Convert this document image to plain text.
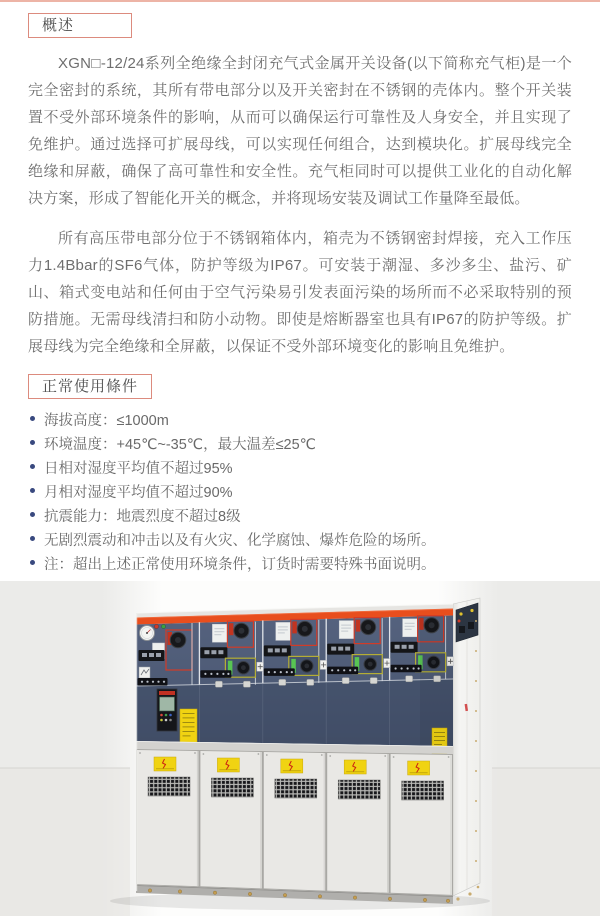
概述

XGN□-12/24系列全绝缘全封闭充气式金属开关设备(以下简称充气柜)是一个完全密封的系统，其所有带电部分以及开关密封在不锈钢的壳体内。整个开关装置不受外部环境条件的影响，从而可以确保运行可靠性及人身安全，并且实现了免维护。通过选择可扩展母线，可以实现任何组合，达到模块化。扩展母线完全绝缘和屏蔽，确保了高可靠性和安全性。充气柜同时可以提供工业化的自动化解决方案，形成了智能化开关的概念，并将现场安装及调试工作量降至最低。

所有高压带电部分位于不锈钢箱体内，箱壳为不锈钢密封焊接，充入工作压力1.4Bbar的SF6气体，防护等级为IP67。可安装于潮湿、多沙多尘、盐污、矿山、箱式变电站和任何由于空气污染易引发表面污染的场所而不必采取特别的预防措施。无需母线清扫和防小动物。即使是熔断器室也具有IP67的防护等级。扩展母线为完全绝缘和全屏蔽，以保证不受外部环境变化的影响且免维护。

正常使用條件
海拔高度：≤1000m
环境温度：+45℃~-35℃，最大温差≤25℃
日相对湿度平均值不超过95%
月相对湿度平均值不超过90%
抗震能力：地震烈度不超过8级
无剧烈震动和冲击以及有火灾、化学腐蚀、爆炸危险的场所。
注：超出上述正常使用环境条件，订货时需要特殊书面说明。
